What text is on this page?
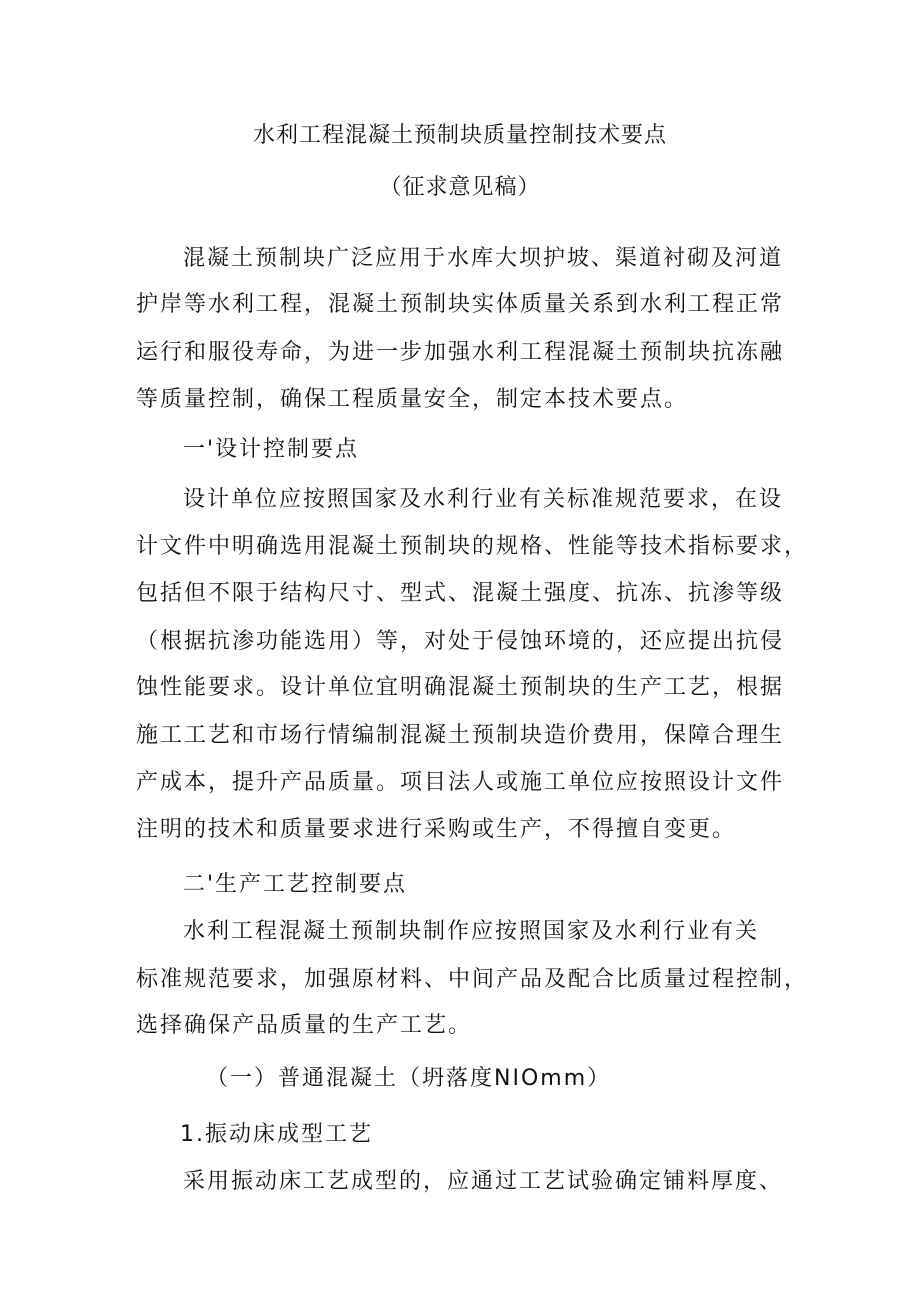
水利工程混凝土预制块质量控制技术要点
（征求意见稿）
混凝土预制块广泛应用于水库大坝护坡、渠道衬砌及河道
护岸等水利工程，混凝土预制块实体质量关系到水利工程正常
运行和服役寿命，为进一步加强水利工程混凝土预制块抗冻融
等质量控制，确保工程质量安全，制定本技术要点。
一'设计控制要点
设计单位应按照国家及水利行业有关标准规范要求，在设
计文件中明确选用混凝土预制块的规格、性能等技术指标要求，
包括但不限于结构尺寸、型式、混凝土强度、抗冻、抗渗等级
（根据抗渗功能选用）等，对处于侵蚀环境的，还应提出抗侵
蚀性能要求。设计单位宜明确混凝土预制块的生产工艺，根据
施工工艺和市场行情编制混凝土预制块造价费用，保障合理生
产成本，提升产品质量。项目法人或施工单位应按照设计文件
注明的技术和质量要求进行采购或生产，不得擅自变更。
二'生产工艺控制要点
水利工程混凝土预制块制作应按照国家及水利行业有关
标准规范要求，加强原材料、中间产品及配合比质量过程控制，
选择确保产品质量的生产工艺。
（一）普通混凝土（坍落度NIOmm）
1.振动床成型工艺
采用振动床工艺成型的，应通过工艺试验确定铺料厚度、
